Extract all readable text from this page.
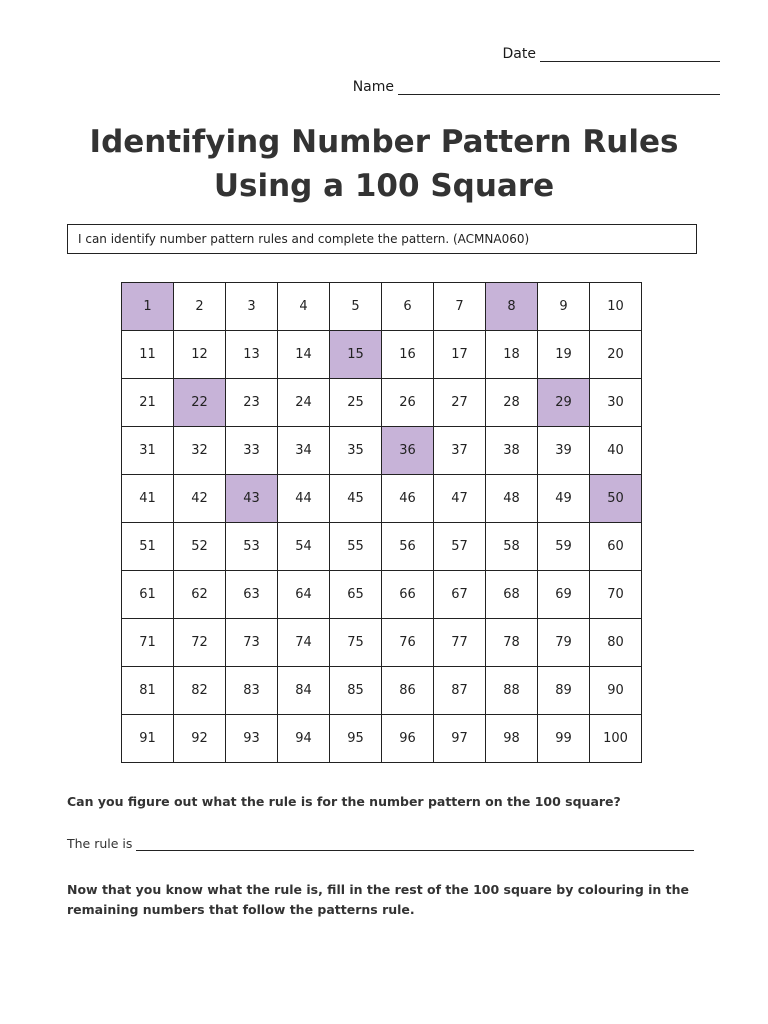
Date
Name
Identifying Number Pattern Rules
Using a 100 Square
I can identify number pattern rules and complete the pattern. (ACMNA060)
1	2	3	4	5	6	7	8	9	10
11	12	13	14	15	16	17	18	19	20
21	22	23	24	25	26	27	28	29	30
31	32	33	34	35	36	37	38	39	40
41	42	43	44	45	46	47	48	49	50
51	52	53	54	55	56	57	58	59	60
61	62	63	64	65	66	67	68	69	70
71	72	73	74	75	76	77	78	79	80
81	82	83	84	85	86	87	88	89	90
91	92	93	94	95	96	97	98	99	100
Can you figure out what the rule is for the number pattern on the 100 square?
The rule is
Now that you know what the rule is, fill in the rest of the 100 square by colouring in the remaining numbers that follow the patterns rule.
